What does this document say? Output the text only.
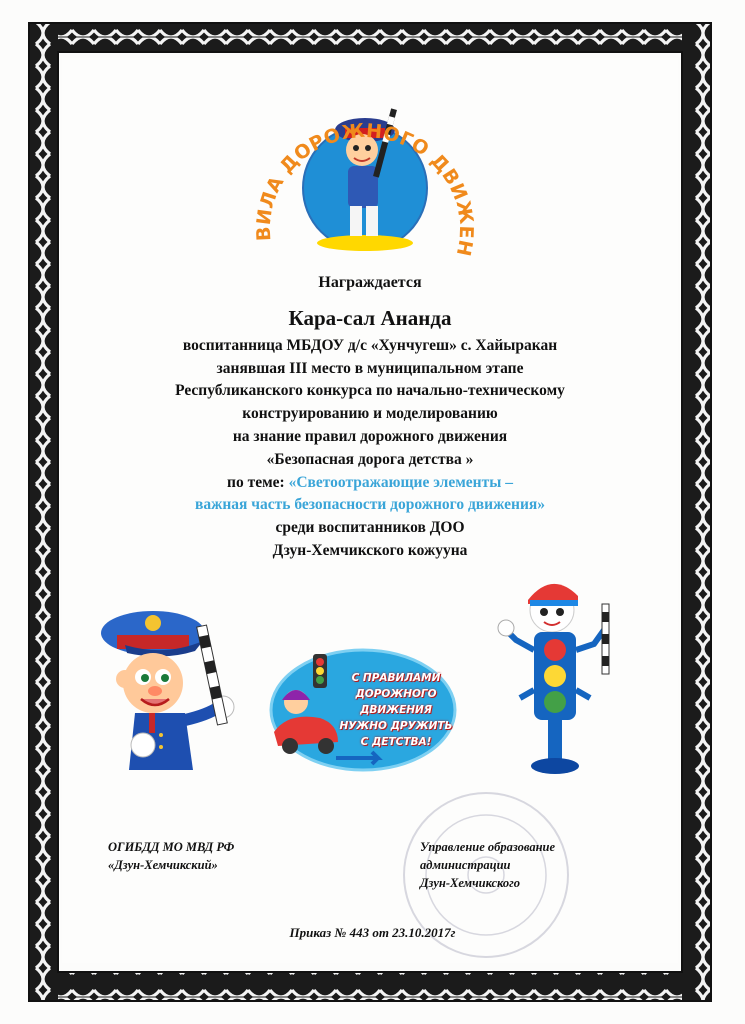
ВИЛА ДОРОЖНОГО ДВИЖЕН
Награждается
Кара-сал Ананда
воспитанница МБДОУ д/с «Хунчугеш» с. Хайыракан
занявшая III место в муниципальном этапе
Республиканского конкурса по начально-техническому
конструированию и моделированию
на знание правил дорожного движения
«Безопасная дорога детства »
по теме: «Светоотражающие элементы –
важная часть безопасности дорожного движения»
среди воспитанников ДОО
Дзун-Хемчикского кожууна
С ПРАВИЛАМИ
ДОРОЖНОГО ДВИЖЕНИЯ
НУЖНО ДРУЖИТЬ
С ДЕТСТВА!
ОГИБДД МО МВД РФ
«Дзун-Хемчикский»
Управление образование
администрации
Дзун-Хемчикского
Приказ № 443 от 23.10.2017г
